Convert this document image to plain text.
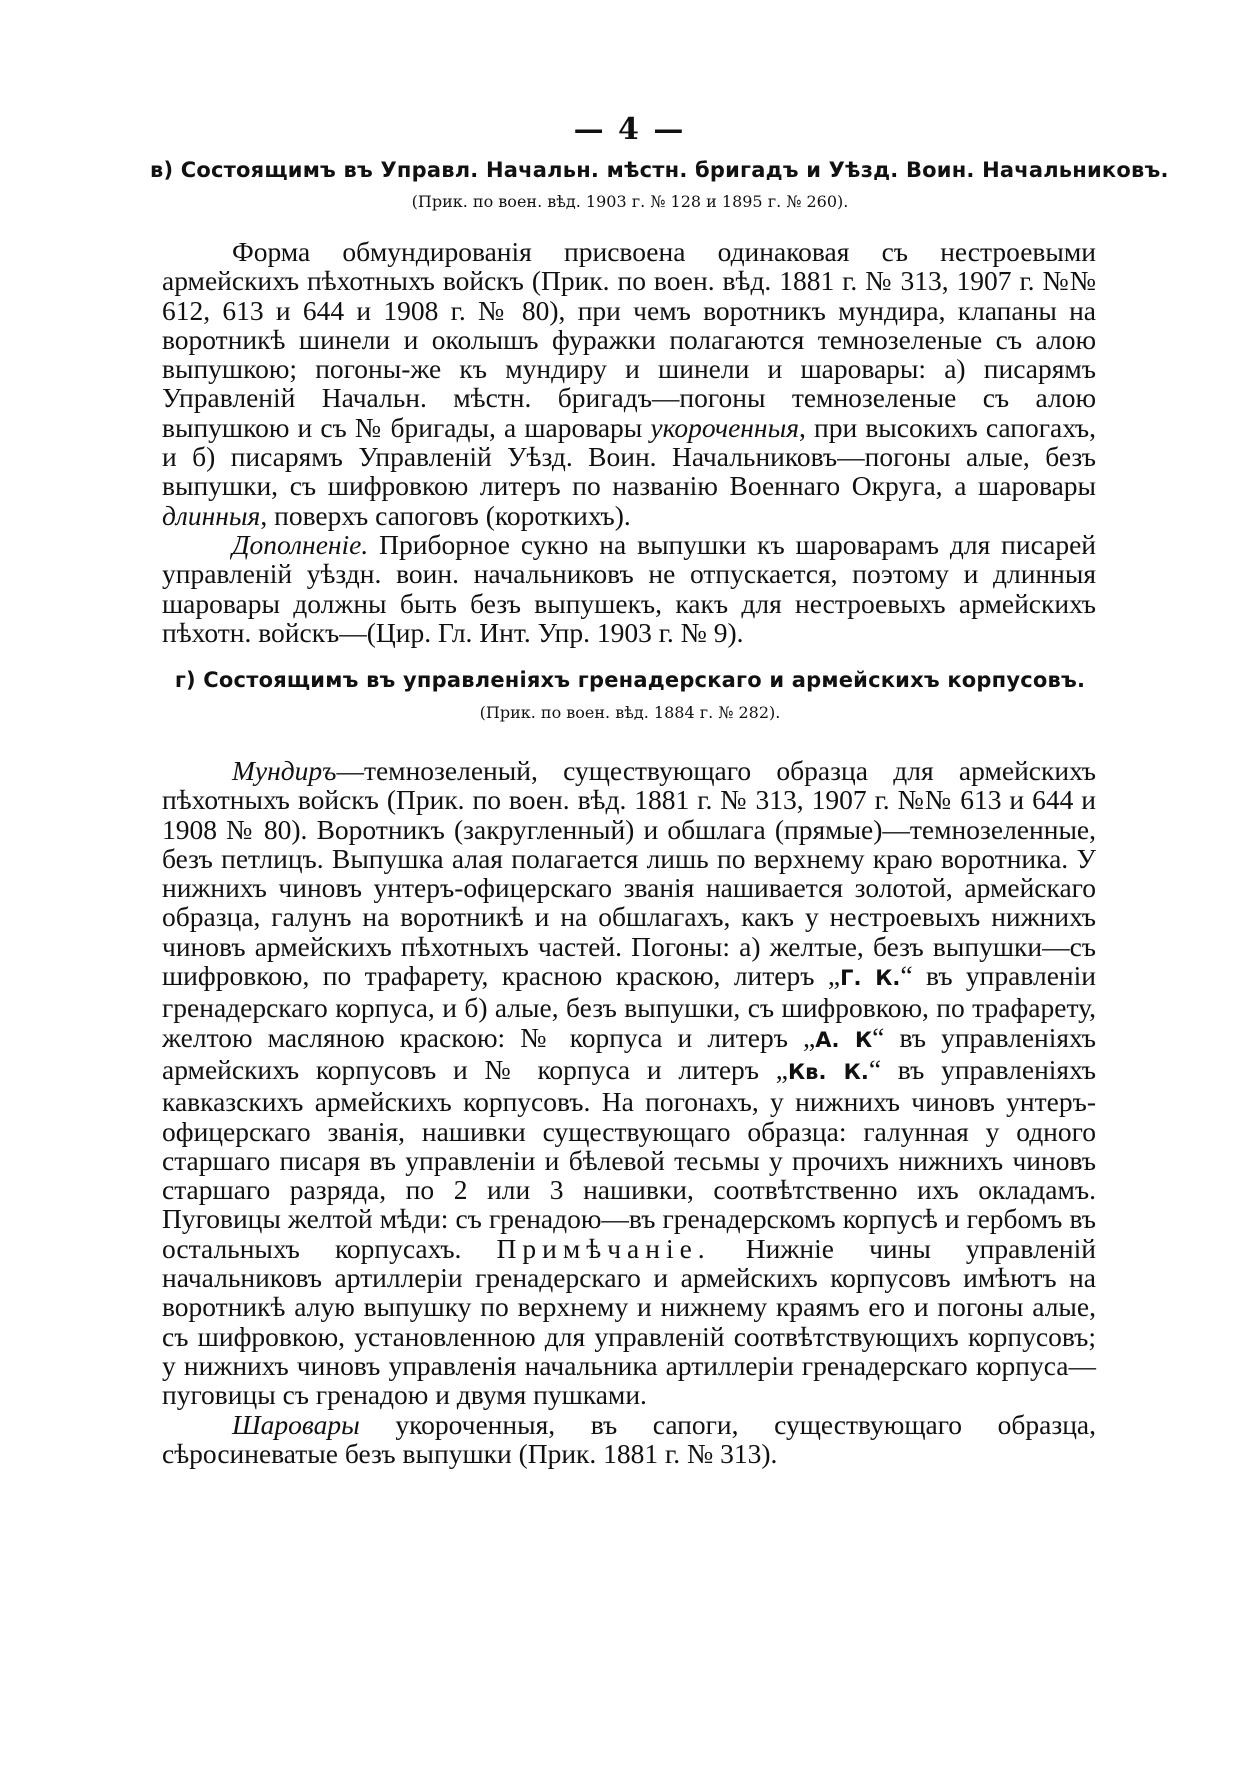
— 4 —
в) Состоящимъ въ Управл. Начальн. мѣстн. бригадъ и Уѣзд. Воин. Начальниковъ.
(Прик. по воен. вѣд. 1903 г. № 128 и 1895 г. № 260).

Форма обмундированія присвоена одинаковая съ нестроевыми армейскихъ пѣхотныхъ войскъ (Прик. по воен. вѣд. 1881 г. № 313, 1907 г. №№ 612, 613 и 644 и 1908 г. № 80), при чемъ воротникъ мундира, клапаны на воротникѣ шинели и околышъ фуражки полагаются темнозеленые съ алою выпушкою; погоны-же къ мундиру и шинели и шаровары: а) писарямъ Управленій Начальн. мѣстн. бригадъ—погоны темнозеленые съ алою выпушкою и съ № бригады, а шаровары укороченныя, при высокихъ сапогахъ, и б) писарямъ Управленій Уѣзд. Воин. Начальниковъ—погоны алые, безъ выпушки, съ шифровкою литеръ по названію Военнаго Округа, а шаровары длинныя, поверхъ сапоговъ (короткихъ).

Дополненіе. Приборное сукно на выпушки къ шароварамъ для писарей управленій уѣздн. воин. начальниковъ не отпускается, поэтому и длинныя шаровары должны быть безъ выпушекъ, какъ для нестроевыхъ армейскихъ пѣхотн. войскъ—(Цир. Гл. Инт. Упр. 1903 г. № 9).

г) Состоящимъ въ управленіяхъ гренадерскаго и армейскихъ корпусовъ.
(Прик. по воен. вѣд. 1884 г. № 282).

Мундиръ—темнозеленый, существующаго образца для армейскихъ пѣхотныхъ войскъ (Прик. по воен. вѣд. 1881 г. № 313, 1907 г. №№ 613 и 644 и 1908 № 80). Воротникъ (закругленный) и обшлага (прямые)—темнозеленные, безъ петлицъ. Выпушка алая полагается лишь по верхнему краю воротника. У нижнихъ чиновъ унтеръ-офицерскаго званія нашивается золотой, армейскаго образца, галунъ на воротникѣ и на обшлагахъ, какъ у нестроевыхъ нижнихъ чиновъ армейскихъ пѣхотныхъ частей. Погоны: а) желтые, безъ выпушки—съ шифровкою, по трафарету, красною краскою, литеръ „Г. К.“ въ управленіи гренадерскаго корпуса, и б) алые, безъ выпушки, съ шифровкою, по трафарету, желтою масляною краскою: № корпуса и литеръ „А. К“ въ управленіяхъ армейскихъ корпусовъ и № корпуса и литеръ „Кв. К.“ въ управленіяхъ кавказскихъ армейскихъ корпусовъ. На погонахъ, у нижнихъ чиновъ унтеръ-офицерскаго званія, нашивки существующаго образца: галунная у одного старшаго писаря въ управленіи и бѣлевой тесьмы у прочихъ нижнихъ чиновъ старшаго разряда, по 2 или 3 нашивки, соотвѣтственно ихъ окладамъ. Пуговицы желтой мѣди: съ гренадою—въ гренадерскомъ корпусѣ и гербомъ въ остальныхъ корпусахъ. Примѣчаніе. Нижніе чины управленій начальниковъ артиллеріи гренадерскаго и армейскихъ корпусовъ имѣютъ на воротникѣ алую выпушку по верхнему и нижнему краямъ его и погоны алые, съ шифровкою, установленною для управленій соотвѣтствующихъ корпусовъ; у нижнихъ чиновъ управленія начальника артиллеріи гренадерскаго корпуса—пуговицы съ гренадою и двумя пушками.

Шаровары укороченныя, въ сапоги, существующаго образца, сѣросиневатые безъ выпушки (Прик. 1881 г. № 313).
